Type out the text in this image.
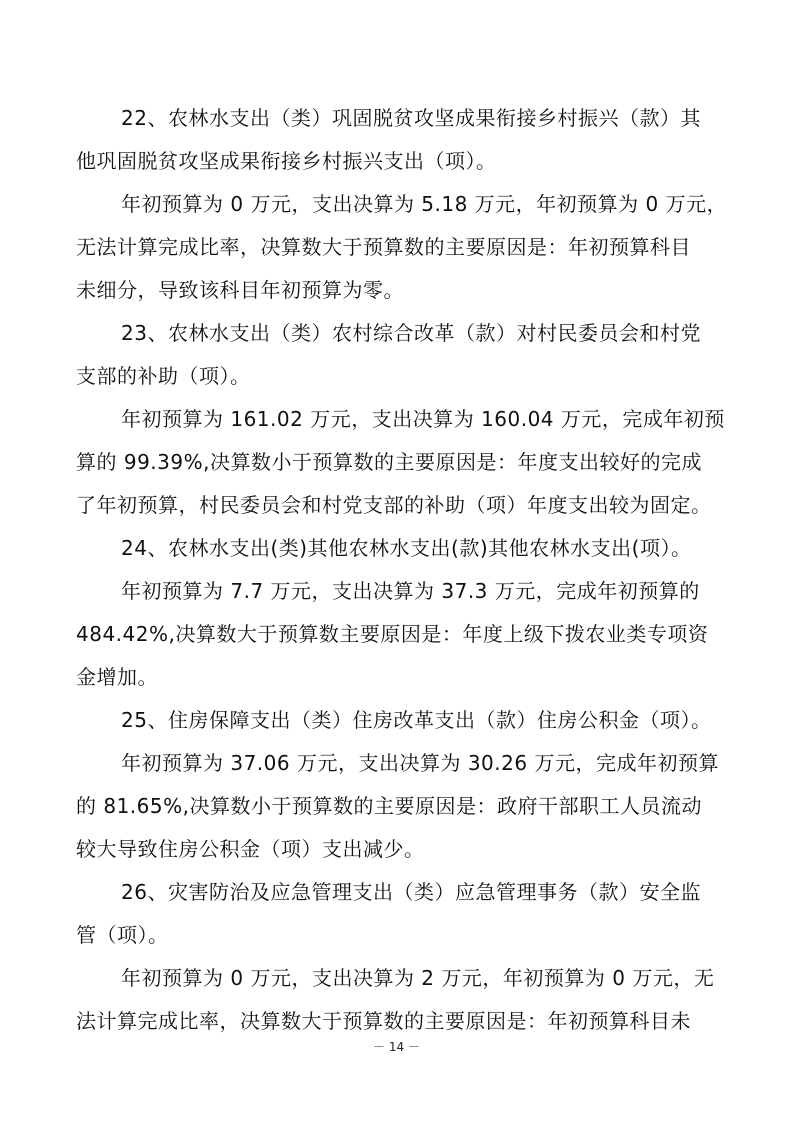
22、农林水支出（类）巩固脱贫攻坚成果衔接乡村振兴（款）其
他巩固脱贫攻坚成果衔接乡村振兴支出（项）。
年初预算为 0 万元，支出决算为 5.18 万元，年初预算为 0 万元，
无法计算完成比率，决算数大于预算数的主要原因是：年初预算科目
未细分，导致该科目年初预算为零。
23、农林水支出（类）农村综合改革（款）对村民委员会和村党
支部的补助（项）。
年初预算为 161.02 万元，支出决算为 160.04 万元，完成年初预
算的 99.39%,决算数小于预算数的主要原因是：年度支出较好的完成
了年初预算，村民委员会和村党支部的补助（项）年度支出较为固定。
24、农林水支出(类)其他农林水支出(款)其他农林水支出(项）。
年初预算为 7.7 万元，支出决算为 37.3 万元，完成年初预算的
484.42%,决算数大于预算数主要原因是：年度上级下拨农业类专项资
金增加。
25、住房保障支出（类）住房改革支出（款）住房公积金（项）。
年初预算为 37.06 万元，支出决算为 30.26 万元，完成年初预算
的 81.65%,决算数小于预算数的主要原因是：政府干部职工人员流动
较大导致住房公积金（项）支出减少。
26、灾害防治及应急管理支出（类）应急管理事务（款）安全监
管（项）。
年初预算为 0 万元，支出决算为 2 万元，年初预算为 0 万元，无
法计算完成比率，决算数大于预算数的主要原因是：年初预算科目未
－ 14 －
